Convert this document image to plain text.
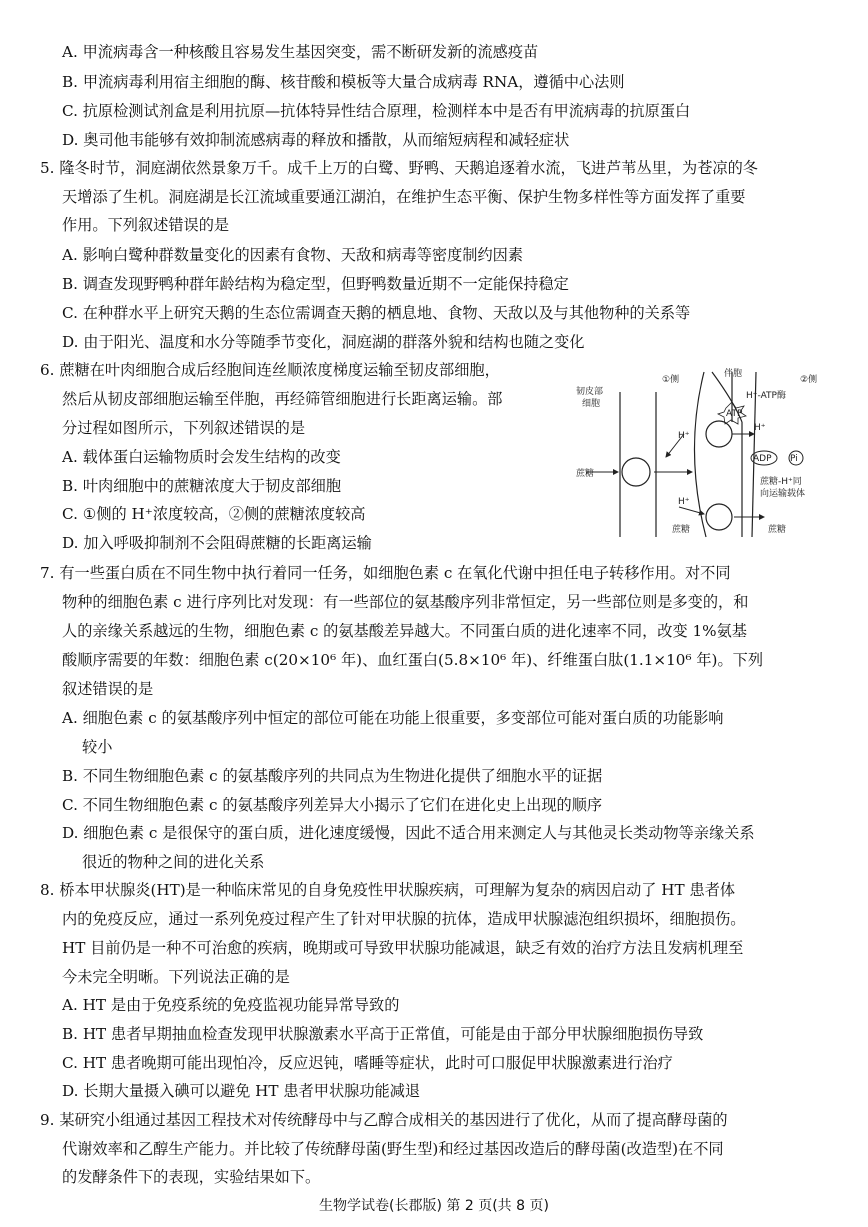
A. 甲流病毒含一种核酸且容易发生基因突变，需不断研发新的流感疫苗
B. 甲流病毒利用宿主细胞的酶、核苷酸和模板等大量合成病毒 RNA，遵循中心法则
C. 抗原检测试剂盒是利用抗原—抗体特异性结合原理，检测样本中是否有甲流病毒的抗原蛋白
D. 奥司他韦能够有效抑制流感病毒的释放和播散，从而缩短病程和减轻症状
5. 隆冬时节，洞庭湖依然景象万千。成千上万的白鹭、野鸭、天鹅追逐着水流，飞进芦苇丛里，为苍凉的冬
天增添了生机。洞庭湖是长江流域重要通江湖泊，在维护生态平衡、保护生物多样性等方面发挥了重要
作用。下列叙述错误的是
A. 影响白鹭种群数量变化的因素有食物、天敌和病毒等密度制约因素
B. 调查发现野鸭种群年龄结构为稳定型，但野鸭数量近期不一定能保持稳定
C. 在种群水平上研究天鹅的生态位需调查天鹅的栖息地、食物、天敌以及与其他物种的关系等
D. 由于阳光、温度和水分等随季节变化，洞庭湖的群落外貌和结构也随之变化
6. 蔗糖在叶肉细胞合成后经胞间连丝顺浓度梯度运输至韧皮部细胞，
然后从韧皮部细胞运输至伴胞，再经筛管细胞进行长距离运输。部
分过程如图所示，下列叙述错误的是
A. 载体蛋白运输物质时会发生结构的改变
B. 叶肉细胞中的蔗糖浓度大于韧皮部细胞
C. ①侧的 H⁺浓度较高，②侧的蔗糖浓度较高
D. 加入呼吸抑制剂不会阻碍蔗糖的长距离运输
①侧
伴胞
②侧
韧皮部
细胞
H⁺-ATP酶
ATP
H⁺
H⁺
ADP Pi
蔗糖
蔗糖-H⁺同
向运输载体
H⁺
蔗糖	蔗糖
7. 有一些蛋白质在不同生物中执行着同一任务，如细胞色素 c 在氧化代谢中担任电子转移作用。对不同
物种的细胞色素 c 进行序列比对发现：有一些部位的氨基酸序列非常恒定，另一些部位则是多变的，和
人的亲缘关系越远的生物，细胞色素 c 的氨基酸差异越大。不同蛋白质的进化速率不同，改变 1%氨基
酸顺序需要的年数：细胞色素 c(20×10⁶ 年)、血红蛋白(5.8×10⁶ 年)、纤维蛋白肽(1.1×10⁶ 年)。下列
叙述错误的是
A. 细胞色素 c 的氨基酸序列中恒定的部位可能在功能上很重要，多变部位可能对蛋白质的功能影响
较小
B. 不同生物细胞色素 c 的氨基酸序列的共同点为生物进化提供了细胞水平的证据
C. 不同生物细胞色素 c 的氨基酸序列差异大小揭示了它们在进化史上出现的顺序
D. 细胞色素 c 是很保守的蛋白质，进化速度缓慢，因此不适合用来测定人与其他灵长类动物等亲缘关系
很近的物种之间的进化关系
8. 桥本甲状腺炎(HT)是一种临床常见的自身免疫性甲状腺疾病，可理解为复杂的病因启动了 HT 患者体
内的免疫反应，通过一系列免疫过程产生了针对甲状腺的抗体，造成甲状腺滤泡组织损坏，细胞损伤。
HT 目前仍是一种不可治愈的疾病，晚期或可导致甲状腺功能减退，缺乏有效的治疗方法且发病机理至
今未完全明晰。下列说法正确的是
A. HT 是由于免疫系统的免疫监视功能异常导致的
B. HT 患者早期抽血检查发现甲状腺激素水平高于正常值，可能是由于部分甲状腺细胞损伤导致
C. HT 患者晚期可能出现怕冷，反应迟钝，嗜睡等症状，此时可口服促甲状腺激素进行治疗
D. 长期大量摄入碘可以避免 HT 患者甲状腺功能减退
9. 某研究小组通过基因工程技术对传统酵母中与乙醇合成相关的基因进行了优化，从而了提高酵母菌的
代谢效率和乙醇生产能力。并比较了传统酵母菌(野生型)和经过基因改造后的酵母菌(改造型)在不同
的发酵条件下的表现，实验结果如下。
生物学试卷(长郡版) 第 2 页(共 8 页)
